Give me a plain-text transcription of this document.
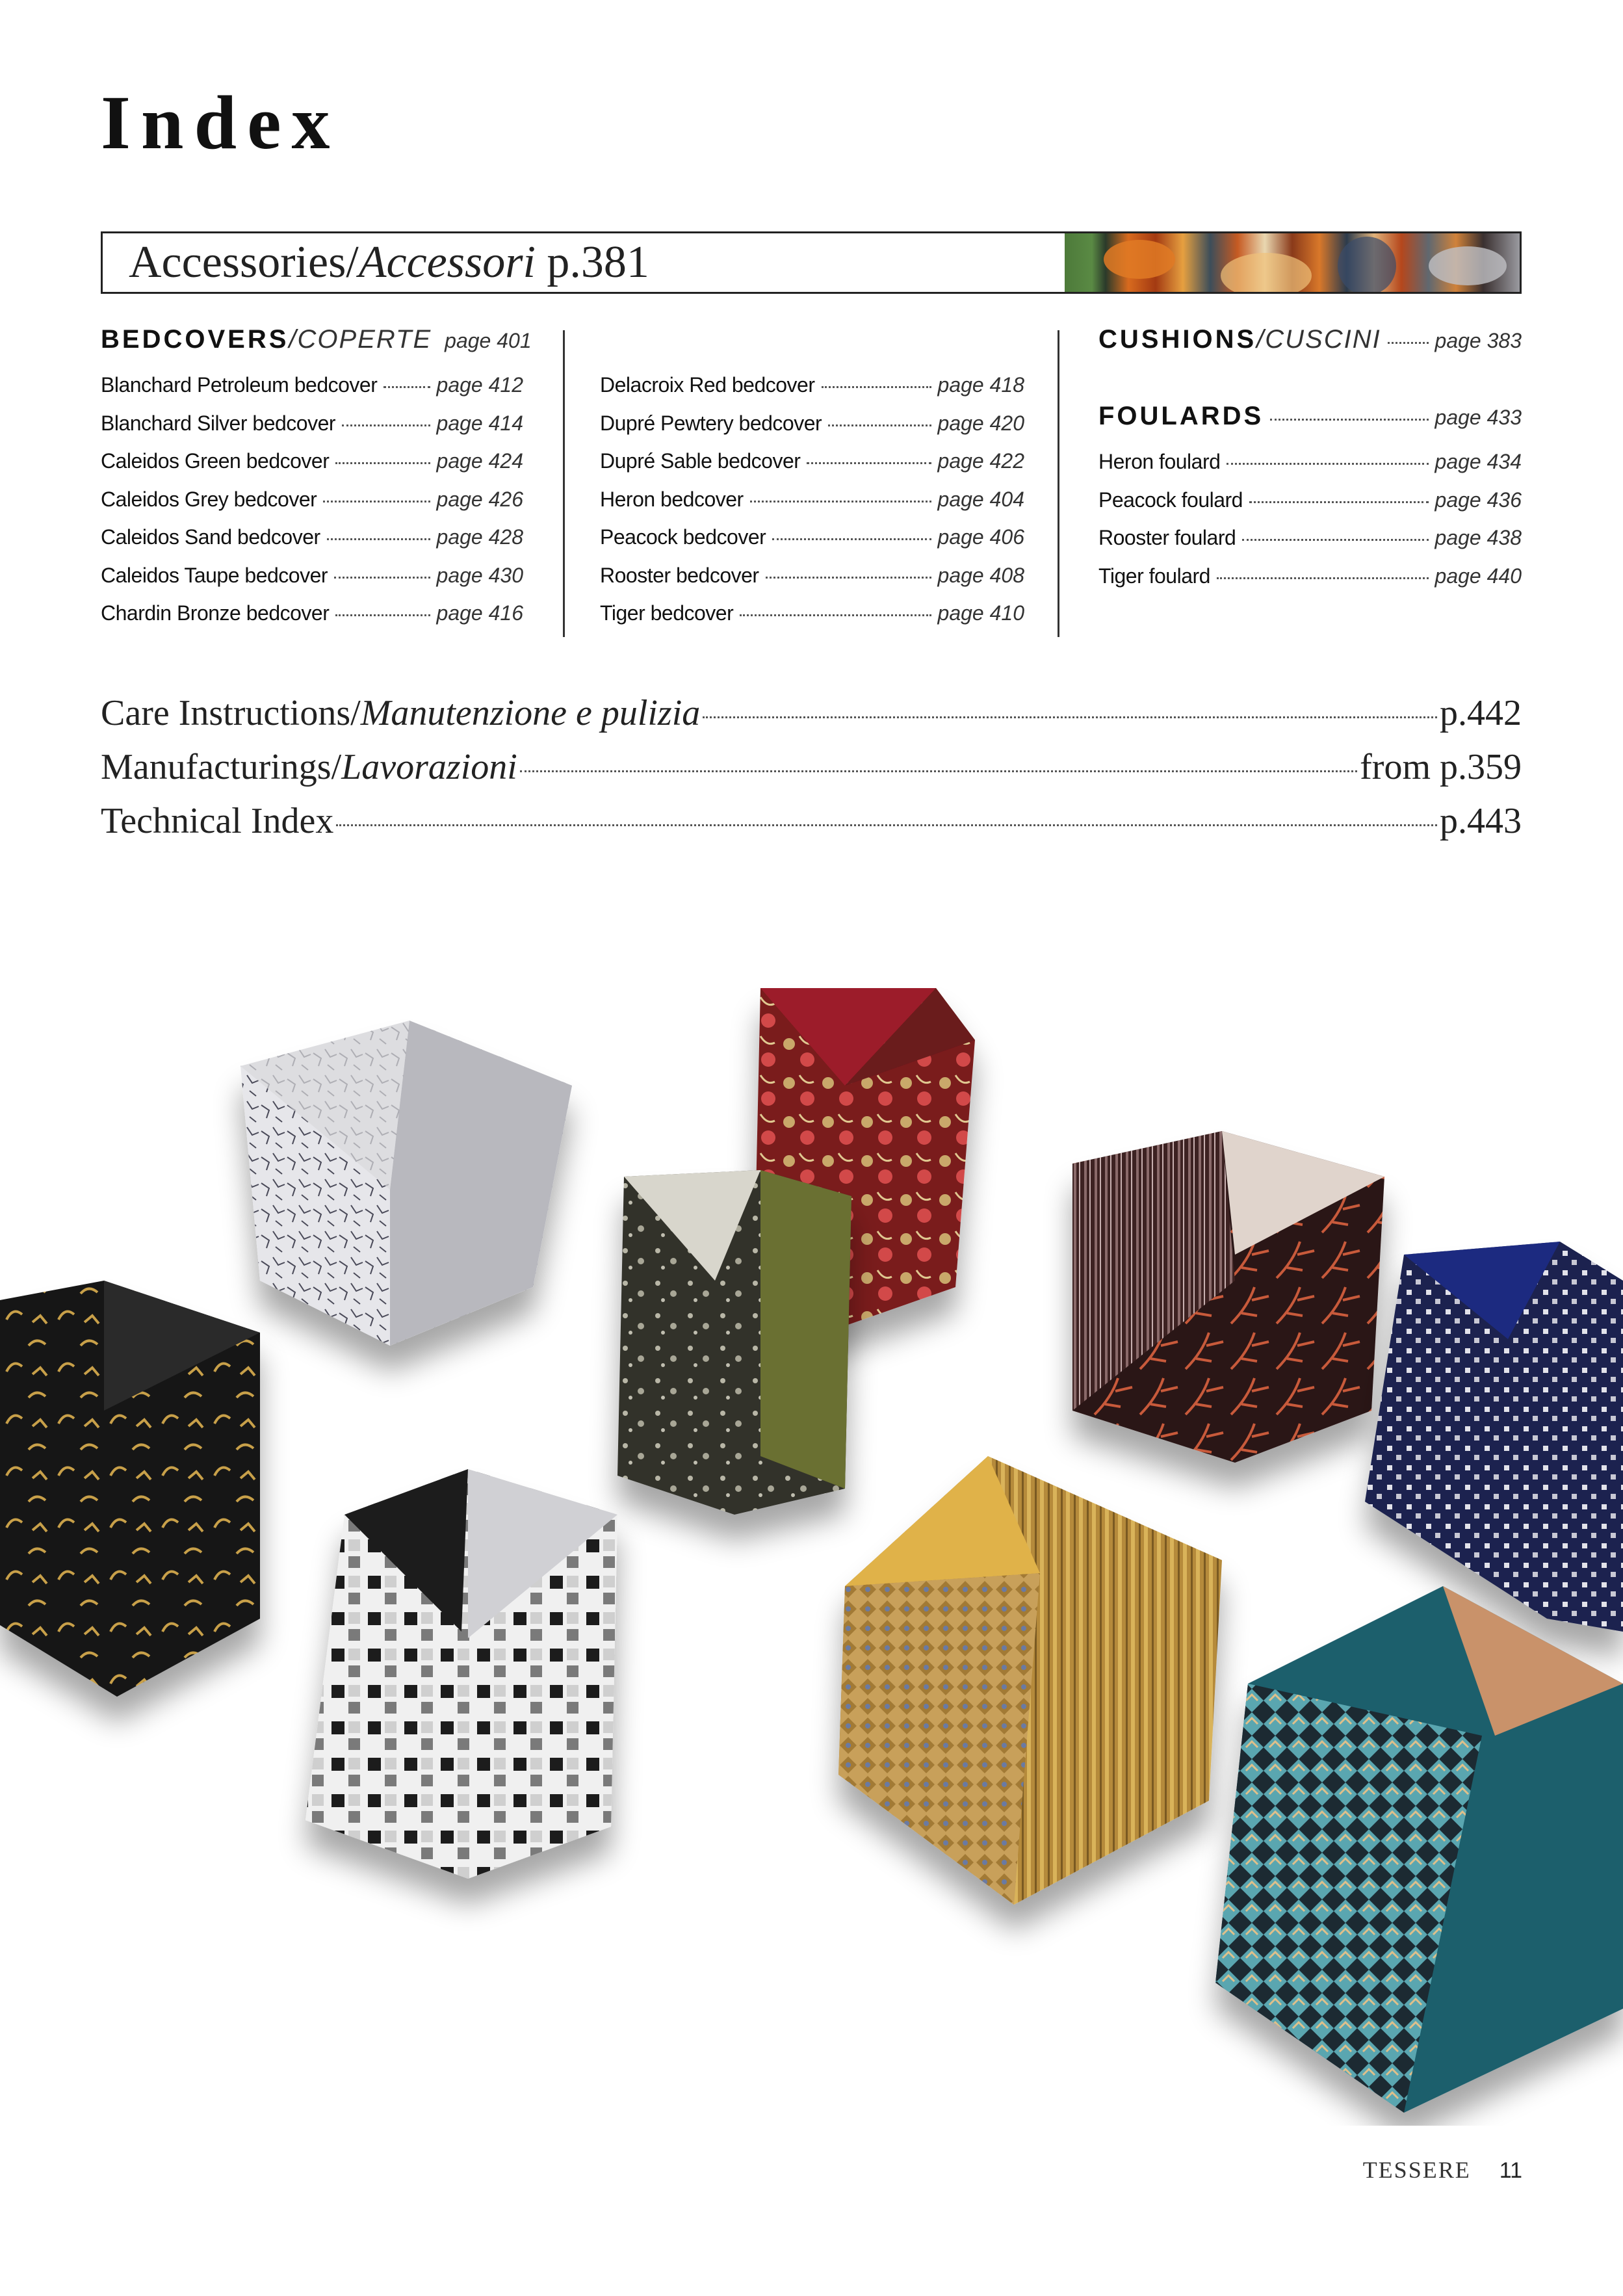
Index
Accessories/Accessori p.381
BEDCOVERS /COPERTE page 401
Blanchard Petroleum bedcover	page 412
Blanchard Silver bedcover	page 414
Caleidos Green bedcover	page 424
Caleidos Grey bedcover	page 426
Caleidos Sand bedcover	page 428
Caleidos Taupe bedcover	page 430
Chardin Bronze bedcover	page 416
Delacroix Red bedcover	page 418
Dupré Pewtery bedcover	page 420
Dupré Sable bedcover	page 422
Heron bedcover	page 404
Peacock bedcover	page 406
Rooster bedcover	page 408
Tiger bedcover	page 410
CUSHIONS /CUSCINI	page 383
FOULARDS	page 433
Heron foulard	page 434
Peacock foulard	page 436
Rooster foulard	page 438
Tiger foulard	page 440
Care Instructions/ Manutenzione e pulizia	p.442
Manufacturings/ Lavorazioni	from p.359
Technical Index	p.443
TESSERE 11
